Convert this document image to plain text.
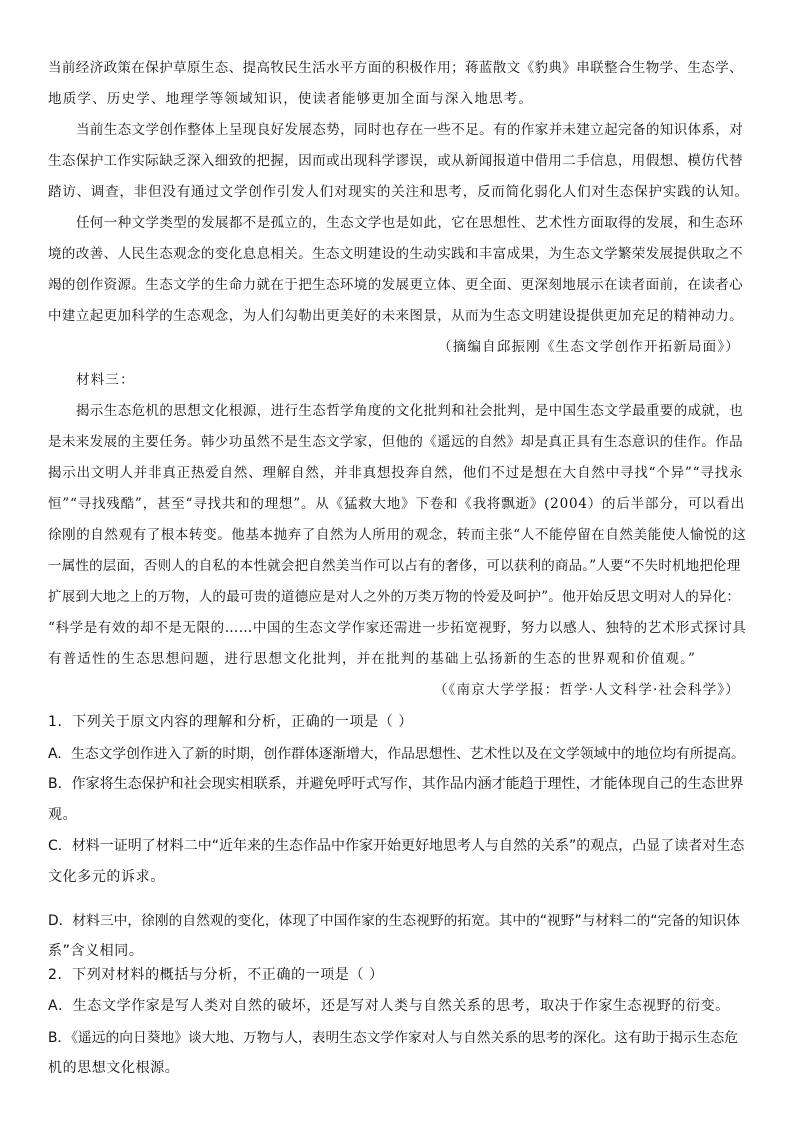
当前经济政策在保护草原生态、提高牧民生活水平方面的积极作用；蒋蓝散文《豹典》串联整合生物学、生态学、
地质学、历史学、地理学等领域知识，使读者能够更加全面与深入地思考。
当前生态文学创作整体上呈现良好发展态势，同时也存在一些不足。有的作家并未建立起完备的知识体系，对
生态保护工作实际缺乏深入细致的把握，因而或出现科学谬误，或从新闻报道中借用二手信息，用假想、模仿代替
踏访、调查，非但没有通过文学创作引发人们对现实的关注和思考，反而简化弱化人们对生态保护实践的认知。
任何一种文学类型的发展都不是孤立的，生态文学也是如此，它在思想性、艺术性方面取得的发展，和生态环
境的改善、人民生态观念的变化息息相关。生态文明建设的生动实践和丰富成果，为生态文学繁荣发展提供取之不
竭的创作资源。生态文学的生命力就在于把生态环境的发展更立体、更全面、更深刻地展示在读者面前，在读者心
中建立起更加科学的生态观念，为人们勾勒出更美好的未来图景，从而为生态文明建设提供更加充足的精神动力。
（摘编自邱振刚《生态文学创作开拓新局面》）
材料三：
揭示生态危机的思想文化根源，进行生态哲学角度的文化批判和社会批判，是中国生态文学最重要的成就，也
是未来发展的主要任务。韩少功虽然不是生态文学家，但他的《遥远的自然》却是真正具有生态意识的佳作。作品
揭示出文明人并非真正热爱自然、理解自然，并非真想投奔自然，他们不过是想在大自然中寻找“个异”“寻找永
恒”“寻找残酷”，甚至“寻找共和的理想”。从《猛救大地》下卷和《我将飘逝》(2004）的后半部分，可以看出
徐刚的自然观有了根本转变。他基本抛弃了自然为人所用的观念，转而主张“人不能停留在自然美能使人愉悦的这
一属性的层面，否则人的自私的本性就会把自然美当作可以占有的奢侈，可以获利的商品。”人要“不失时机地把伦理
扩展到大地之上的万物，人的最可贵的道德应是对人之外的万类万物的怜爱及呵护”。他开始反思文明对人的异化：
“科学是有效的却不是无限的……中国的生态文学作家还需进一步拓宽视野，努力以感人、独特的艺术形式探讨具
有普适性的生态思想问题，进行思想文化批判，并在批判的基础上弘扬新的生态的世界观和价值观。”
（《南京大学学报：哲学·人文科学·社会科学》）
1．下列关于原文内容的理解和分析，正确的一项是（ ）
A．生态文学创作进入了新的时期，创作群体逐渐增大，作品思想性、艺术性以及在文学领域中的地位均有所提高。
B．作家将生态保护和社会现实相联系，并避免呼吁式写作，其作品内涵才能趋于理性，才能体现自己的生态世界
观。
C．材料一证明了材料二中“近年来的生态作品中作家开始更好地思考人与自然的关系”的观点，凸显了读者对生态
文化多元的诉求。
D．材料三中，徐刚的自然观的变化，体现了中国作家的生态视野的拓宽。其中的“视野”与材料二的“完备的知识体
系”含义相同。
2．下列对材料的概括与分析，不正确的一项是（ ）
A．生态文学作家是写人类对自然的破坏，还是写对人类与自然关系的思考，取决于作家生态视野的衍变。
B．《遥远的向日葵地》谈大地、万物与人，表明生态文学作家对人与自然关系的思考的深化。这有助于揭示生态危
机的思想文化根源。
